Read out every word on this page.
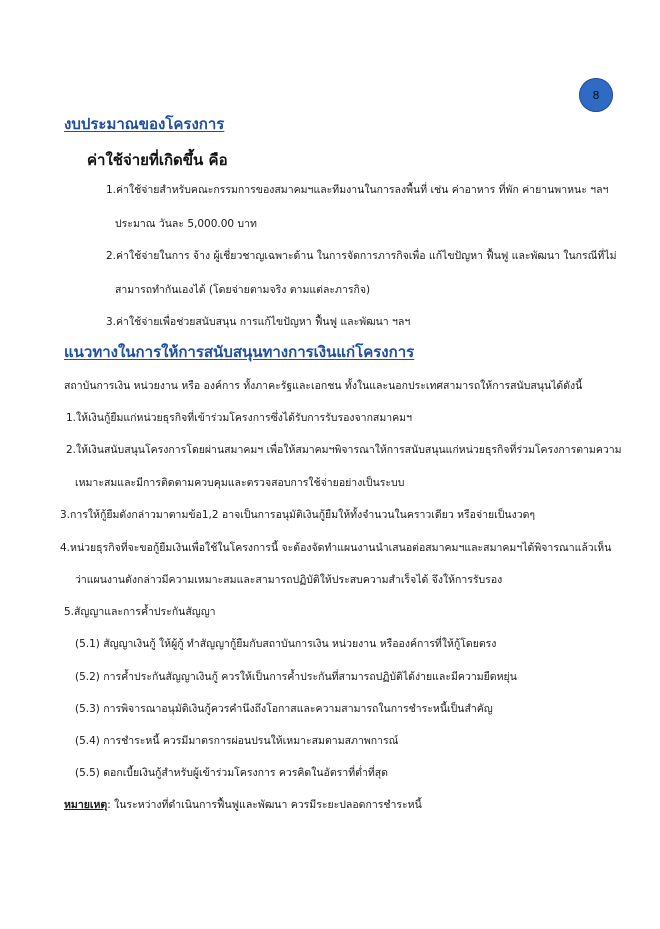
8
งบประมาณของโครงการ
ค่าใช้จ่ายที่เกิดขึ้น คือ
1.ค่าใช้จ่ายสำหรับคณะกรรมการของสมาคมฯและทีมงานในการลงพื้นที่ เช่น ค่าอาหาร ที่พัก ค่ายานพาหนะ ฯลฯ
ประมาณ วันละ 5,000.00 บาท
2.ค่าใช้จ่ายในการ จ้าง ผู้เชี่ยวชาญเฉพาะด้าน ในการจัดการภารกิจเพื่อ แก้ไขปัญหา ฟื้นฟู และพัฒนา ในกรณีที่ไม่
สามารถทำกันเองได้ (โดยจ่ายตามจริง ตามแต่ละภารกิจ)
3.ค่าใช้จ่ายเพื่อช่วยสนับสนุน การแก้ไขปัญหา ฟื้นฟู และพัฒนา ฯลฯ
แนวทางในการให้การสนับสนุนทางการเงินแก่โครงการ
สถาบันการเงิน หน่วยงาน หรือ องค์การ ทั้งภาคะรัฐและเอกชน ทั้งในและนอกประเทศสามารถให้การสนับสนุนได้ดังนี้
1.ให้เงินกู้ยืมแก่หน่วยธุรกิจที่เข้าร่วมโครงการซึ่งได้รับการรับรองจากสมาคมฯ
2.ให้เงินสนับสนุนโครงการโดยผ่านสมาคมฯ เพื่อให้สมาคมฯพิจารณาให้การสนับสนุนแก่หน่วยธุรกิจที่ร่วมโครงการตามความ
เหมาะสมและมีการติดตามควบคุมและตรวจสอบการใช้จ่ายอย่างเป็นระบบ
3.การให้กู้ยืมดังกล่าวมาตามข้อ1,2 อาจเป็นการอนุมัติเงินกู้ยืมให้ทั้งจำนวนในคราวเดียว หรือจ่ายเป็นงวดๆ
4.หน่วยธุรกิจที่จะขอกู้ยืมเงินเพื่อใช้ในโครงการนี้ จะต้องจัดทำแผนงานนำเสนอต่อสมาคมฯและสมาคมฯได้พิจารณาแล้วเห็น
ว่าแผนงานดังกล่าวมีความเหมาะสมและสามารถปฏิบัติให้ประสบความสำเร็จได้ จึงให้การรับรอง
5.สัญญาและการค้ำประกันสัญญา
(5.1) สัญญาเงินกู้ ให้ผู้กู้ ทำสัญญากู้ยืมกับสถาบันการเงิน หน่วยงาน หรือองค์การที่ให้กู้โดยตรง
(5.2) การค้ำประกันสัญญาเงินกู้ ควรให้เป็นการค้ำประกันที่สามารถปฏิบัติได้ง่ายและมีความยืดหยุ่น
(5.3) การพิจารณาอนุมัติเงินกู้ควรคำนึงถึงโอกาสและความสามารถในการชำระหนี้เป็นสำคัญ
(5.4) การชำระหนี้ ควรมีมาตรการผ่อนปรนให้เหมาะสมตามสภาพการณ์
(5.5) ดอกเบี้ยเงินกู้สำหรับผู้เข้าร่วมโครงการ ควรคิดในอัตราที่ต่ำที่สุด
หมายเหตุ: ในระหว่างที่ดำเนินการฟื้นฟูและพัฒนา ควรมีระยะปลอดการชำระหนี้
